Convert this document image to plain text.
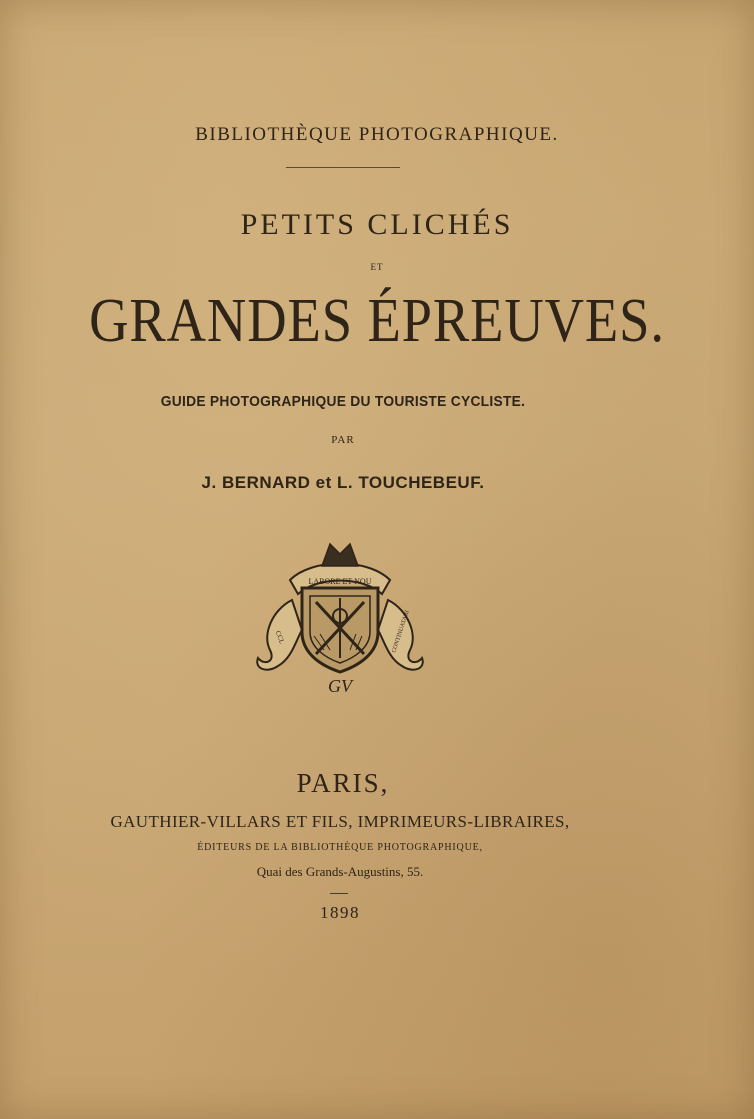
BIBLIOTHÈQUE PHOTOGRAPHIQUE.
PETITS CLICHÉS
ET
GRANDES ÉPREUVES.
GUIDE PHOTOGRAPHIQUE DU TOURISTE CYCLISTE.
PAR
J. BERNARD et L. TOUCHEBEUF.
LABORE ET NOU
CCL	CONTINUATARI
GV
PARIS,
GAUTHIER-VILLARS ET FILS, IMPRIMEURS-LIBRAIRES,
ÉDITEURS DE LA BIBLIOTHÈQUE PHOTOGRAPHIQUE,
Quai des Grands-Augustins, 55.
1898
